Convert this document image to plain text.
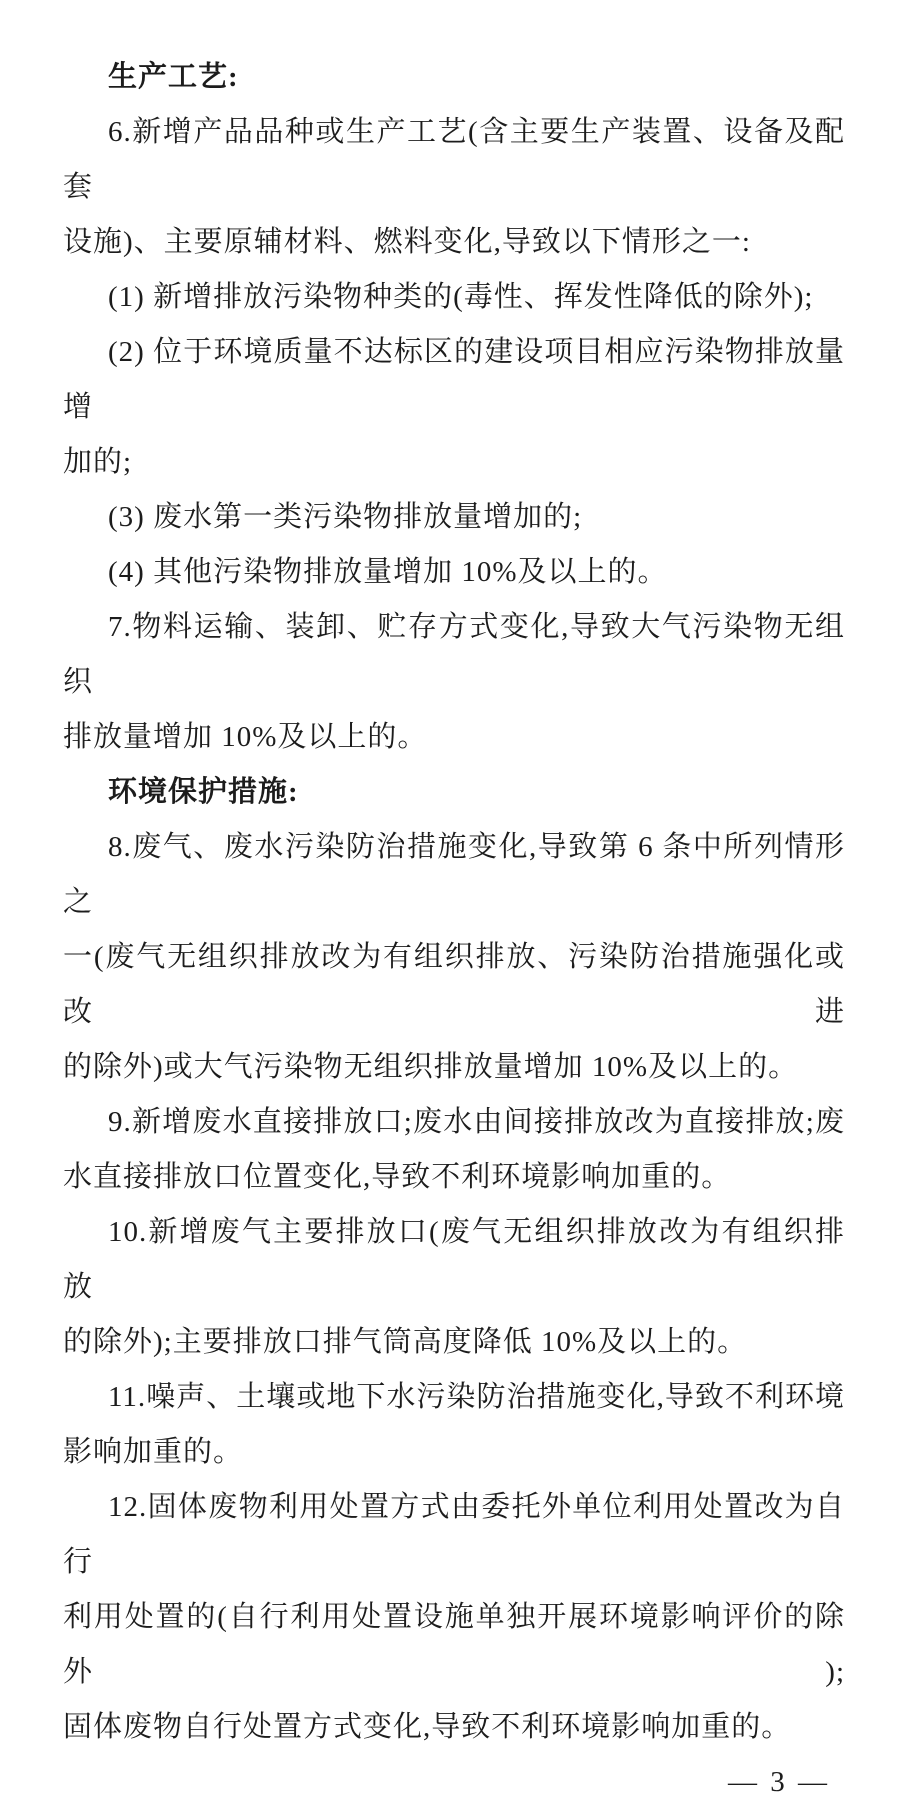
生产工艺:
6.新增产品品种或生产工艺(含主要生产装置、设备及配套
设施)、主要原辅材料、燃料变化,导致以下情形之一:
(1) 新增排放污染物种类的(毒性、挥发性降低的除外);
(2) 位于环境质量不达标区的建设项目相应污染物排放量增
加的;
(3) 废水第一类污染物排放量增加的;
(4) 其他污染物排放量增加 10%及以上的。
7.物料运输、装卸、贮存方式变化,导致大气污染物无组织
排放量增加 10%及以上的。
环境保护措施:
8.废气、废水污染防治措施变化,导致第 6 条中所列情形之
一(废气无组织排放改为有组织排放、污染防治措施强化或改进
的除外)或大气污染物无组织排放量增加 10%及以上的。
9.新增废水直接排放口;废水由间接排放改为直接排放;废
水直接排放口位置变化,导致不利环境影响加重的。
10.新增废气主要排放口(废气无组织排放改为有组织排放
的除外);主要排放口排气筒高度降低 10%及以上的。
11.噪声、土壤或地下水污染防治措施变化,导致不利环境
影响加重的。
12.固体废物利用处置方式由委托外单位利用处置改为自行
利用处置的(自行利用处置设施单独开展环境影响评价的除外);
固体废物自行处置方式变化,导致不利环境影响加重的。
— 3 —
